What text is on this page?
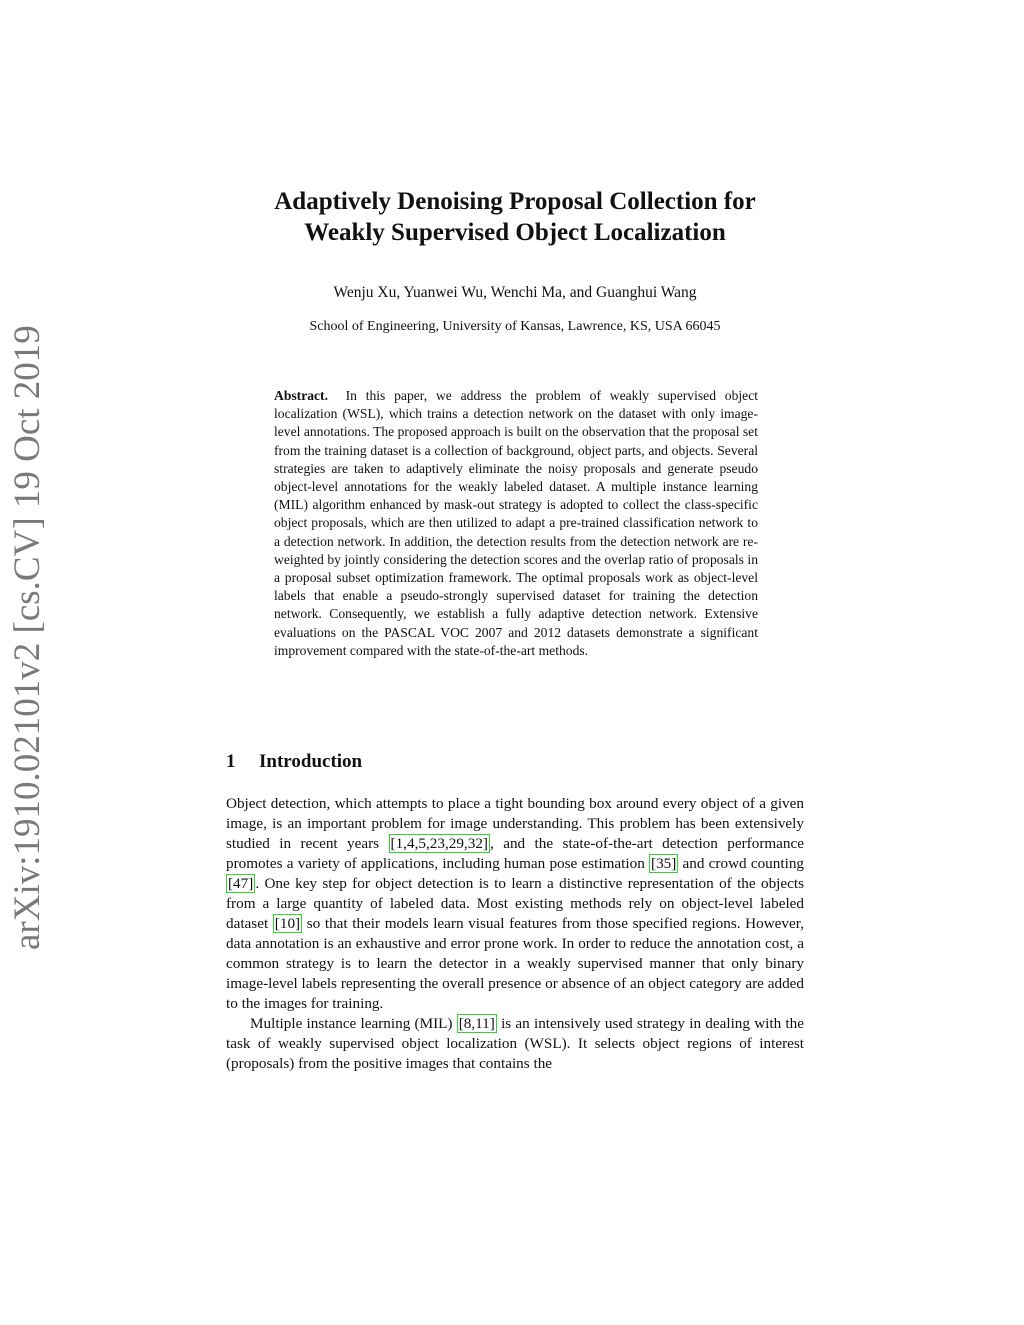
arXiv:1910.02101v2 [cs.CV] 19 Oct 2019
Adaptively Denoising Proposal Collection for
Weakly Supervised Object Localization

Wenju Xu, Yuanwei Wu, Wenchi Ma, and Guanghui Wang

School of Engineering, University of Kansas, Lawrence, KS, USA 66045

Abstract. In this paper, we address the problem of weakly supervised object localization (WSL), which trains a detection network on the dataset with only image-level annotations. The proposed approach is built on the observation that the proposal set from the training dataset is a collection of background, object parts, and objects. Several strategies are taken to adaptively eliminate the noisy proposals and generate pseudo object-level annotations for the weakly labeled dataset. A multiple instance learning (MIL) algorithm enhanced by mask-out strategy is adopted to collect the class-specific object proposals, which are then utilized to adapt a pre-trained classification network to a detection network. In addition, the detection results from the detection network are re-weighted by jointly considering the detection scores and the overlap ratio of proposals in a proposal subset optimization framework. The optimal proposals work as object-level labels that enable a pseudo-strongly supervised dataset for training the detection network. Consequently, we establish a fully adaptive detection network. Extensive evaluations on the PASCAL VOC 2007 and 2012 datasets demonstrate a significant improvement compared with the state-of-the-art methods.

1 Introduction

Object detection, which attempts to place a tight bounding box around every object of a given image, is an important problem for image understanding. This problem has been extensively studied in recent years [1,4,5,23,29,32] , and the state-of-the-art detection performance promotes a variety of applications, including human pose estimation [35] and crowd counting [47] . One key step for object detection is to learn a distinctive representation of the objects from a large quantity of labeled data. Most existing methods rely on object-level labeled dataset [10] so that their models learn visual features from those specified regions. However, data annotation is an exhaustive and error prone work. In order to reduce the annotation cost, a common strategy is to learn the detector in a weakly supervised manner that only binary image-level labels representing the overall presence or absence of an object category are added to the images for training.

Multiple instance learning (MIL) [8,11] is an intensively used strategy in dealing with the task of weakly supervised object localization (WSL). It selects object regions of interest (proposals) from the positive images that contains the
